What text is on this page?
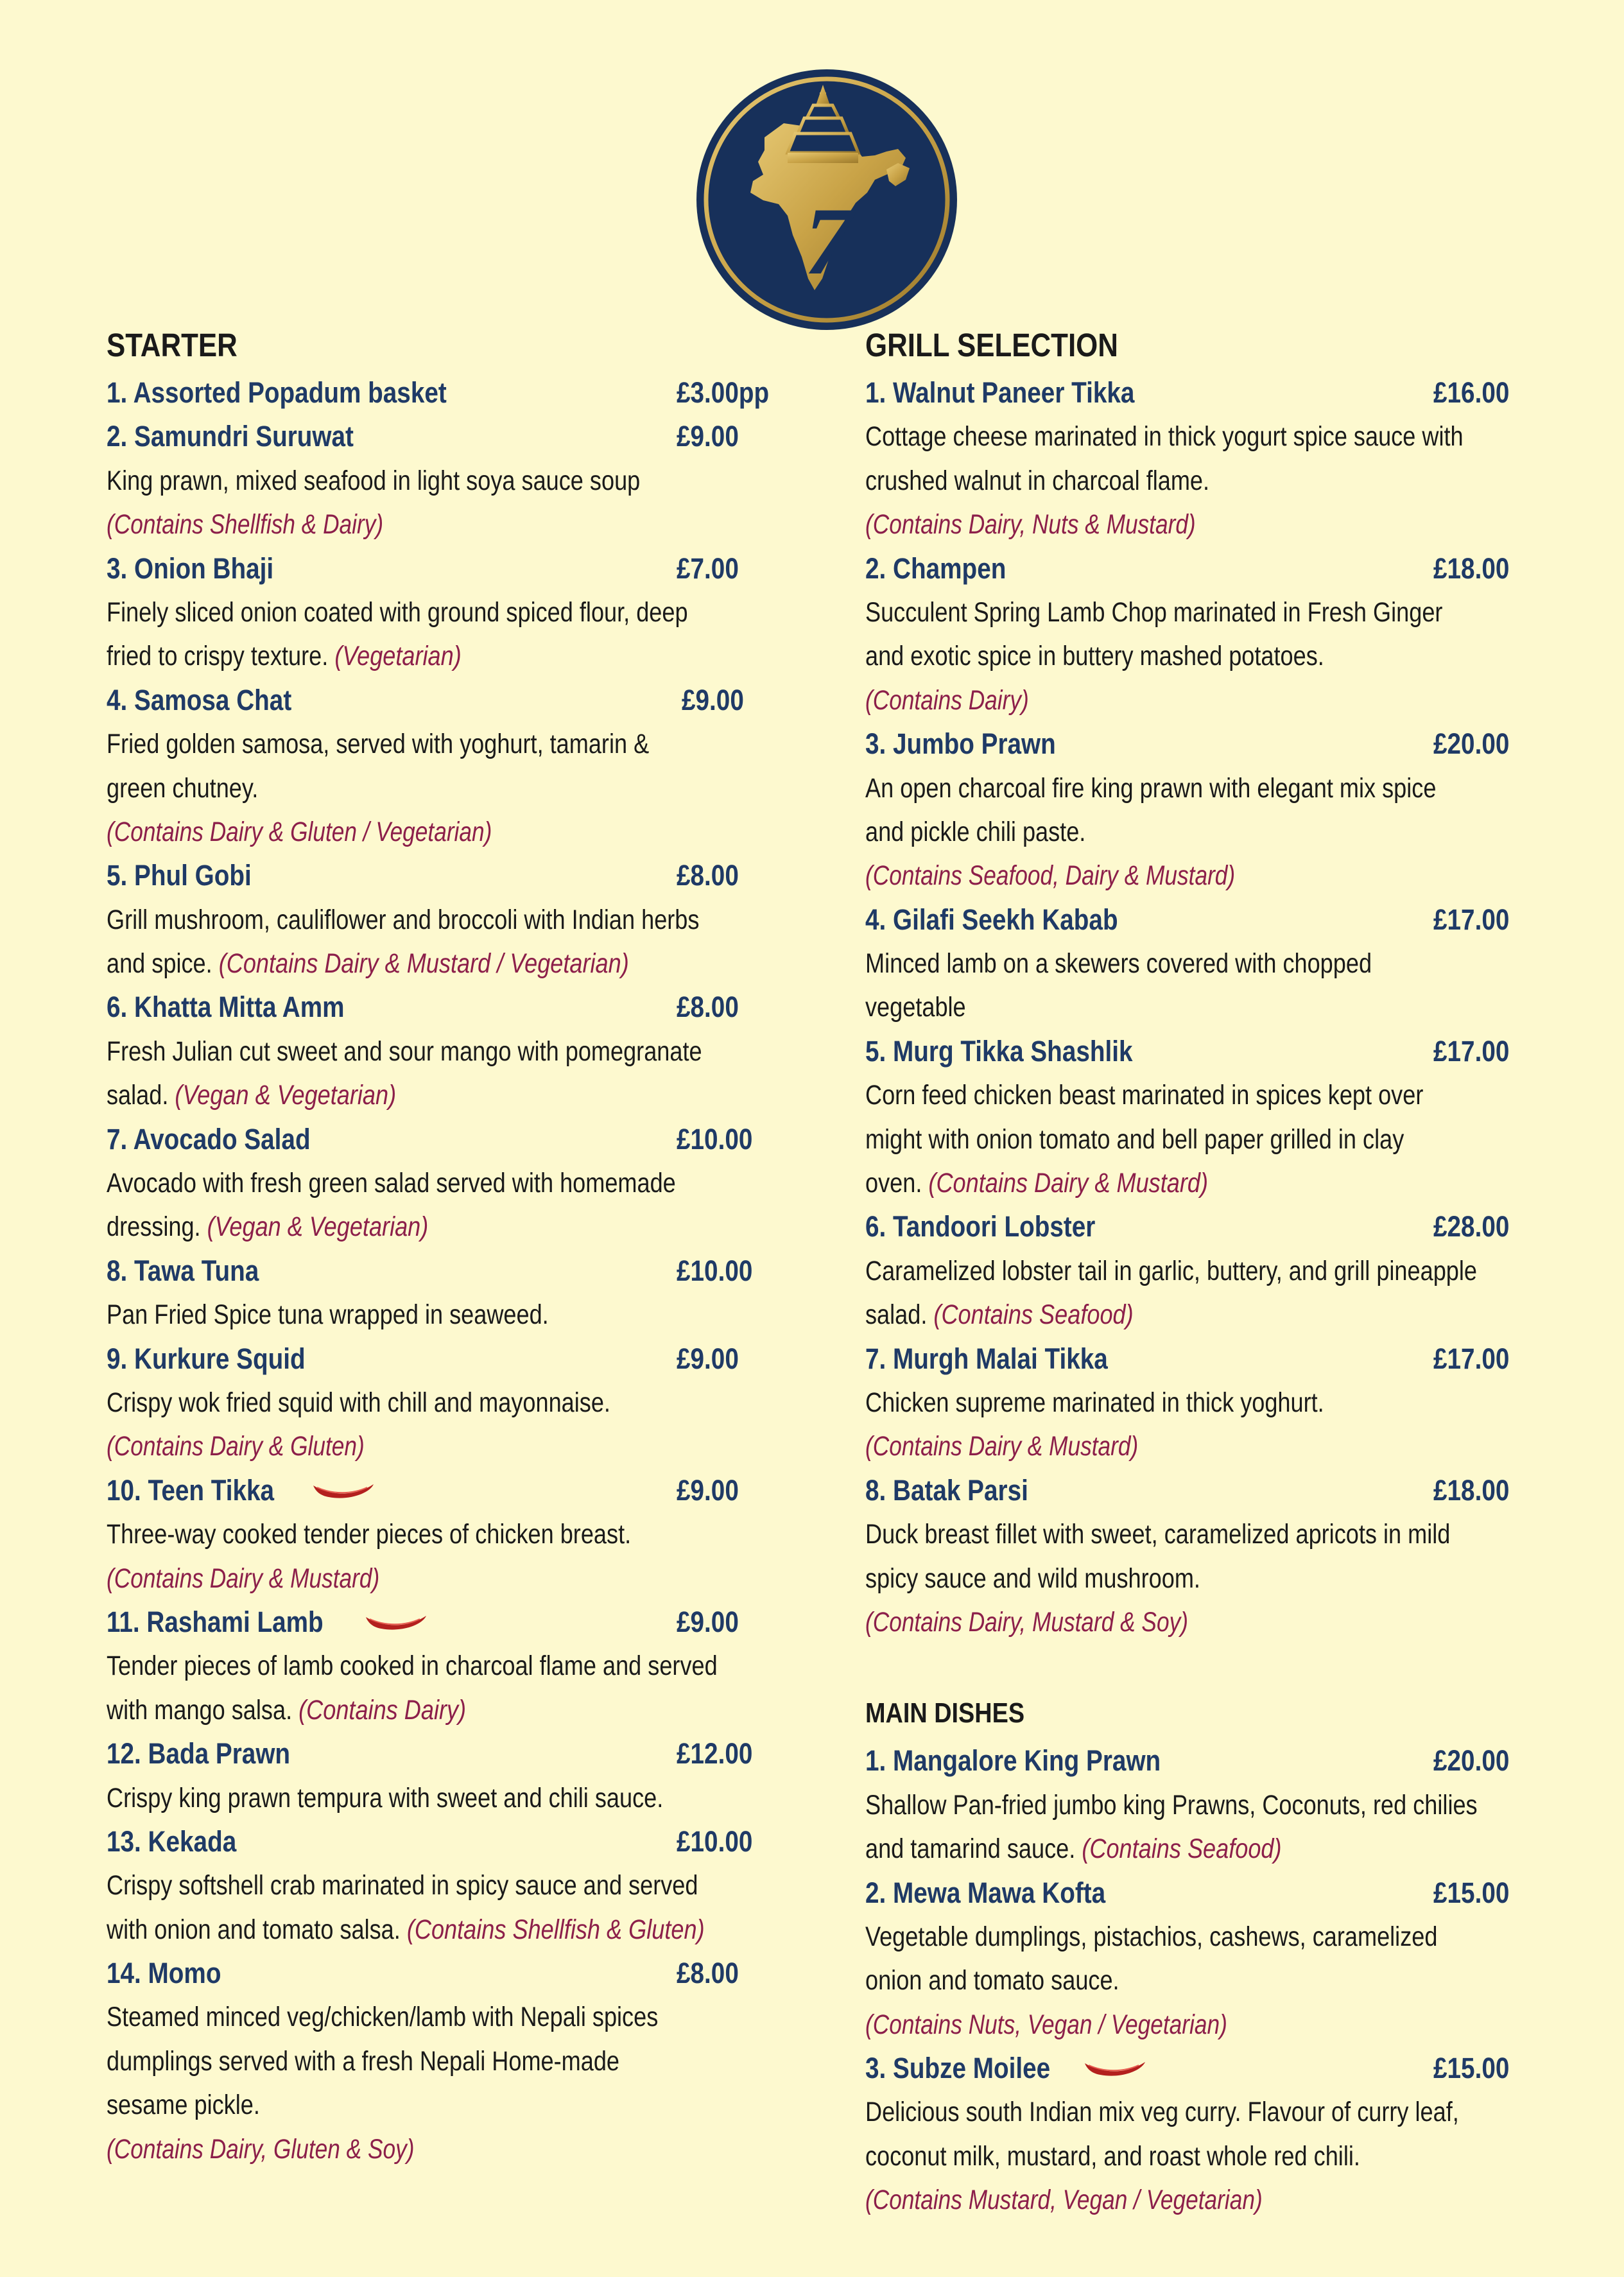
7
STARTER
1. Assorted Popadum basket	£3.00pp
2. Samundri Suruwat	£9.00
King prawn, mixed seafood in light soya sauce soup
(Contains Shellfish & Dairy)
3. Onion Bhaji	£7.00
Finely sliced onion coated with ground spiced flour, deep
fried to crispy texture. (Vegetarian)
4. Samosa Chat	£9.00
Fried golden samosa, served with yoghurt, tamarin &
green chutney.
(Contains Dairy & Gluten / Vegetarian)
5. Phul Gobi	£8.00
Grill mushroom, cauliflower and broccoli with Indian herbs
and spice. (Contains Dairy & Mustard / Vegetarian)
6. Khatta Mitta Amm	£8.00
Fresh Julian cut sweet and sour mango with pomegranate
salad. (Vegan & Vegetarian)
7. Avocado Salad	£10.00
Avocado with fresh green salad served with homemade
dressing. (Vegan & Vegetarian)
8. Tawa Tuna	£10.00
Pan Fried Spice tuna wrapped in seaweed.
9. Kurkure Squid	£9.00
Crispy wok fried squid with chill and mayonnaise.
(Contains Dairy & Gluten)
10. Teen Tikka	£9.00
Three-way cooked tender pieces of chicken breast.
(Contains Dairy & Mustard)
11. Rashami Lamb	£9.00
Tender pieces of lamb cooked in charcoal flame and served
with mango salsa. (Contains Dairy)
12. Bada Prawn	£12.00
Crispy king prawn tempura with sweet and chili sauce.
13. Kekada	£10.00
Crispy softshell crab marinated in spicy sauce and served
with onion and tomato salsa. (Contains Shellfish & Gluten)
14. Momo	£8.00
Steamed minced veg/chicken/lamb with Nepali spices
dumplings served with a fresh Nepali Home-made
sesame pickle.
(Contains Dairy, Gluten & Soy)
GRILL SELECTION
1. Walnut Paneer Tikka	£16.00
Cottage cheese marinated in thick yogurt spice sauce with
crushed walnut in charcoal flame.
(Contains Dairy, Nuts & Mustard)
2. Champen	£18.00
Succulent Spring Lamb Chop marinated in Fresh Ginger
and exotic spice in buttery mashed potatoes.
(Contains Dairy)
3. Jumbo Prawn	£20.00
An open charcoal fire king prawn with elegant mix spice
and pickle chili paste.
(Contains Seafood, Dairy & Mustard)
4. Gilafi Seekh Kabab	£17.00
Minced lamb on a skewers covered with chopped
vegetable
5. Murg Tikka Shashlik	£17.00
Corn feed chicken beast marinated in spices kept over
might with onion tomato and bell paper grilled in clay
oven. (Contains Dairy & Mustard)
6. Tandoori Lobster	£28.00
Caramelized lobster tail in garlic, buttery, and grill pineapple
salad. (Contains Seafood)
7. Murgh Malai Tikka	£17.00
Chicken supreme marinated in thick yoghurt.
(Contains Dairy & Mustard)
8. Batak Parsi	£18.00
Duck breast fillet with sweet, caramelized apricots in mild
spicy sauce and wild mushroom.
(Contains Dairy, Mustard & Soy)
MAIN DISHES
1. Mangalore King Prawn	£20.00
Shallow Pan-fried jumbo king Prawns, Coconuts, red chilies
and tamarind sauce. (Contains Seafood)
2. Mewa Mawa Kofta	£15.00
Vegetable dumplings, pistachios, cashews, caramelized
onion and tomato sauce.
(Contains Nuts, Vegan / Vegetarian)
3. Subze Moilee	£15.00
Delicious south Indian mix veg curry. Flavour of curry leaf,
coconut milk, mustard, and roast whole red chili.
(Contains Mustard, Vegan / Vegetarian)
